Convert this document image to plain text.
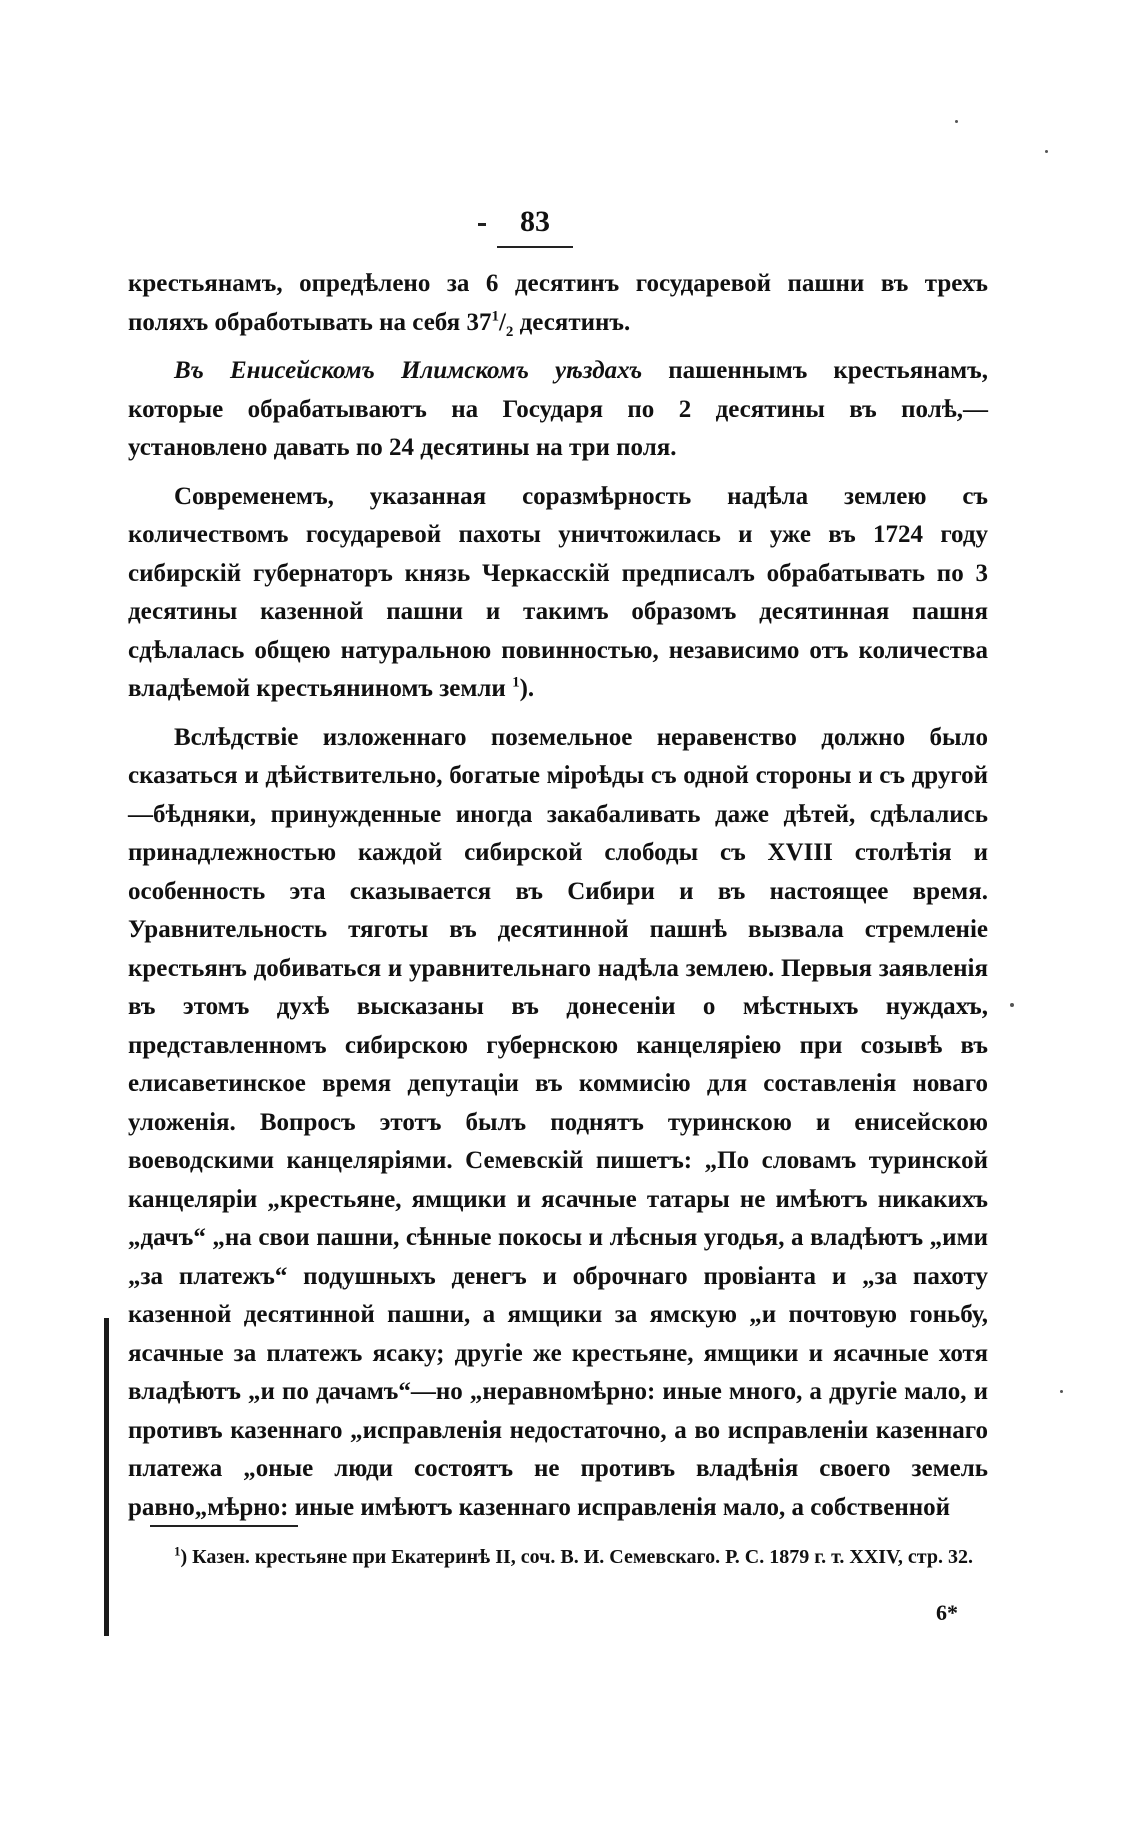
83

крестьянамъ, опредѣлено за 6 десятинъ государевой пашни въ трехъ поляхъ обработывать на себя $37^1/_2$ десятинъ.

Въ Енисейскомъ Илимскомъ уѣздахъ пашеннымъ крестьянамъ, которые обрабатываютъ на Государя по 2 десятины въ полѣ,— установлено давать по 24 десятины на три поля.

Современемъ, указанная соразмѣрность надѣла землею съ количествомъ государевой пахоты уничтожилась и уже въ 1724 году сибирскій губернаторъ князь Черкасскій предписалъ обрабатывать по 3 десятины казенной пашни и такимъ образомъ десятинная пашня сдѣлалась общею натуральною повинностью, независимо отъ количества владѣемой крестьяниномъ земли $^1$).

Вслѣдствіе изложеннаго поземельное неравенство должно было сказаться и дѣйствительно, богатые міроѣды съ одной стороны и съ другой—бѣдняки, принужденные иногда закабаливать даже дѣтей, сдѣлались принадлежностью каждой сибирской слободы съ XVIII столѣтія и особенность эта сказывается въ Сибири и въ настоящее время. Уравнительность тяготы въ десятинной пашнѣ вызвала стремленіе крестьянъ добиваться и уравнительнаго надѣла землею. Первыя заявленія въ этомъ духѣ высказаны въ донесеніи о мѣстныхъ нуждахъ, представленномъ сибирскою губернскою канцеляріею при созывѣ въ елисаветинское время депутаціи въ коммисію для составленія новаго уложенія. Вопросъ этотъ былъ поднятъ туринскою и енисейскою воеводскими канцеляріями. Семевскій пишетъ: „По словамъ туринской канцеляріи „крестьяне, ямщики и ясачные татары не имѣютъ никакихъ „дачъ“ „на свои пашни, сѣнные покосы и лѣсныя угодья, а владѣютъ „ими „за платежъ“ подушныхъ денегъ и оброчнаго провіанта и „за пахоту казенной десятинной пашни, а ямщики за ямскую „и почтовую гоньбу, ясачные за платежъ ясаку; другіе же крестьяне, ямщики и ясачные хотя владѣютъ „и по дачамъ“—но „неравномѣрно: иные много, а другіе мало, и противъ казеннаго „исправленія недостаточно, а во исправленіи казеннаго платежа „оные люди состоятъ не противъ владѣнія своего земель равно„мѣрно: иные имѣютъ казеннаго исправленія мало, а собственной

$^1$) Казен. крестьяне при Екатеринѣ II, соч. В. И. Семевскаго. Р. С. 1879 г. т. XXIV, стр. 32.
6*
